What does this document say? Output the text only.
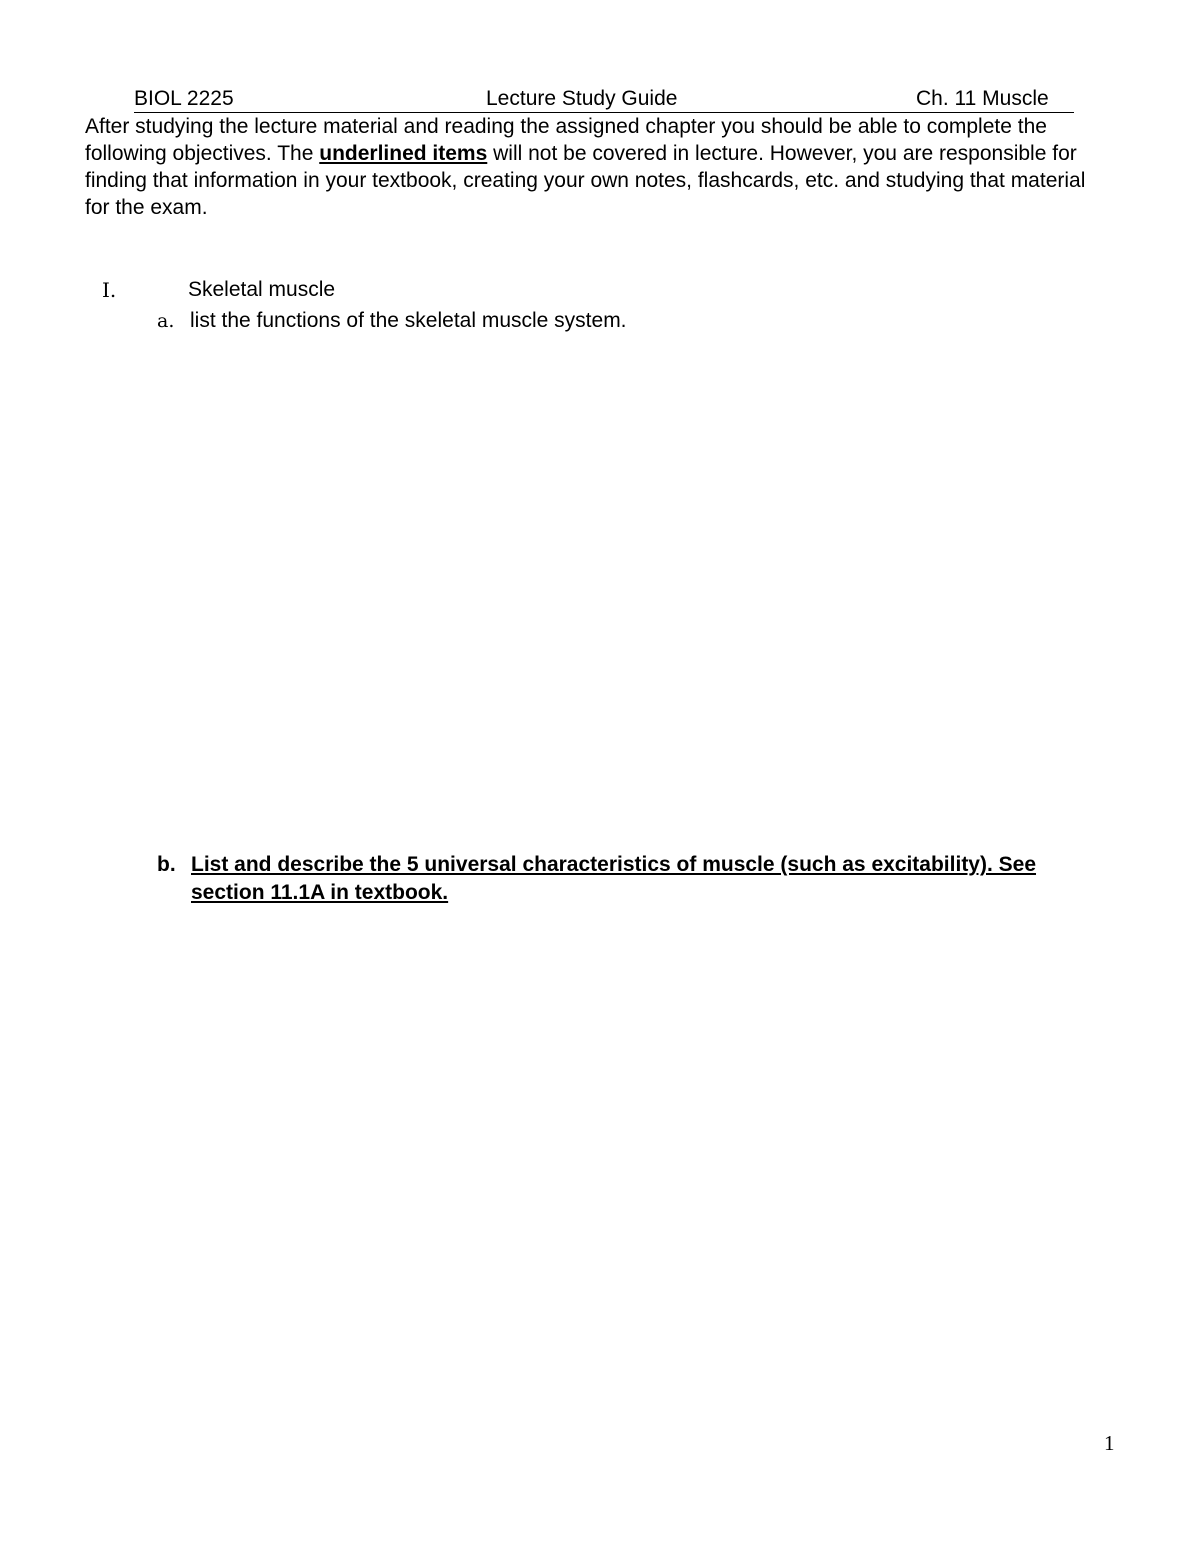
BIOL 2225	Lecture Study Guide	Ch. 11 Muscle

After studying the lecture material and reading the assigned chapter you should be able to complete the following objectives. The underlined items will not be covered in lecture. However, you are responsible for finding that information in your textbook, creating your own notes, flashcards, etc. and studying that material for the exam.

I.	Skeletal muscle
a. list the functions of the skeletal muscle system.
b. List and describe the 5 universal characteristics of muscle (such as excitability). See section 11.1A in textbook.
1
